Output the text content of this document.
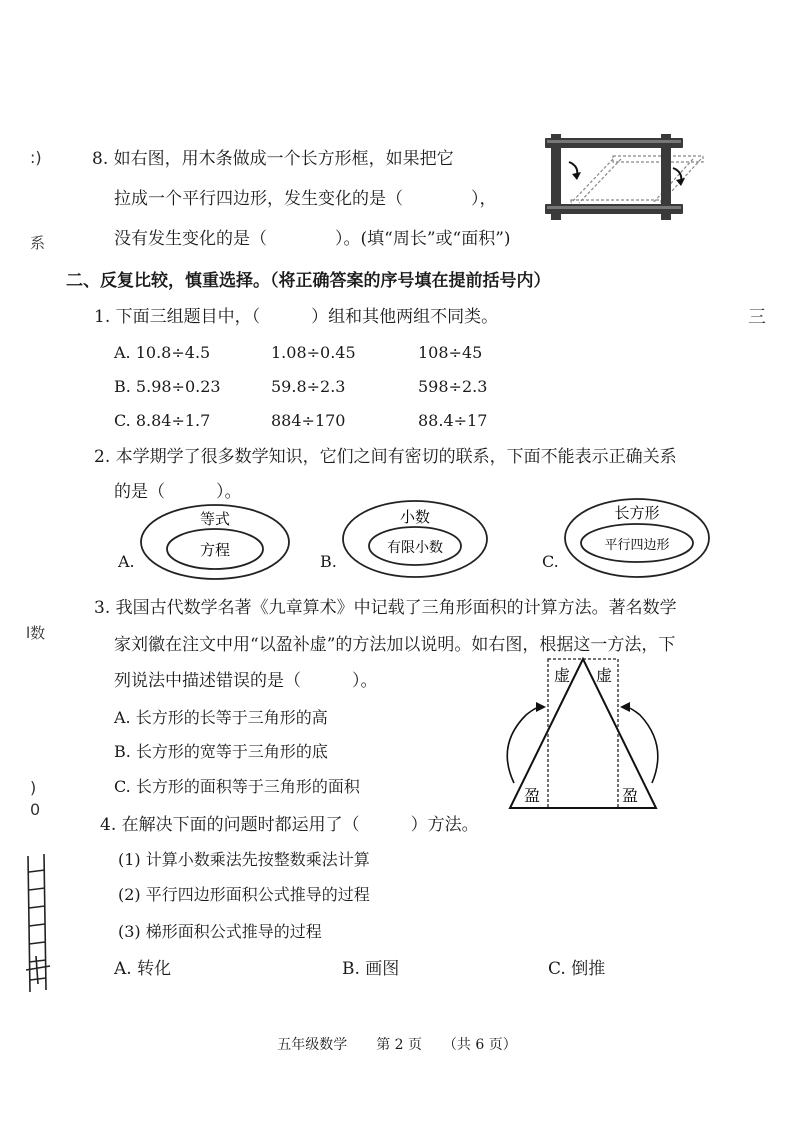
:)
系
三
l数
)
0
8. 如右图，用木条做成一个长方形框，如果把它
拉成一个平行四边形，发生变化的是（　　　　），
没有发生变化的是（　　　　）。(填“周长”或“面积”)
二、反复比较，慎重选择。（将正确答案的序号填在提前括号内）
1. 下面三组题目中，（　　　）组和其他两组不同类。
A. 10.8÷4.5	1.08÷0.45	108÷45
B. 5.98÷0.23	59.8÷2.3	598÷2.3
C. 8.84÷1.7	884÷170	88.4÷17
2. 本学期学了很多数学知识，它们之间有密切的联系，下面不能表示正确关系
的是（　　　）。
A.	B.	C.
等式
方程
小数
有限小数
长方形
平行四边形
3. 我国古代数学名著《九章算术》中记载了三角形面积的计算方法。著名数学
家刘徽在注文中用“以盈补虚”的方法加以说明。如右图，根据这一方法，下
列说法中描述错误的是（　　　）。
A. 长方形的长等于三角形的高
B. 长方形的宽等于三角形的底
C. 长方形的面积等于三角形的面积
虚 虚
盈	盈
4. 在解决下面的问题时都运用了（　　　）方法。
(1) 计算小数乘法先按整数乘法计算
(2) 平行四边形面积公式推导的过程
(3) 梯形面积公式推导的过程
A. 转化	B. 画图	C. 倒推
五年级数学 第 2 页 （共 6 页）
